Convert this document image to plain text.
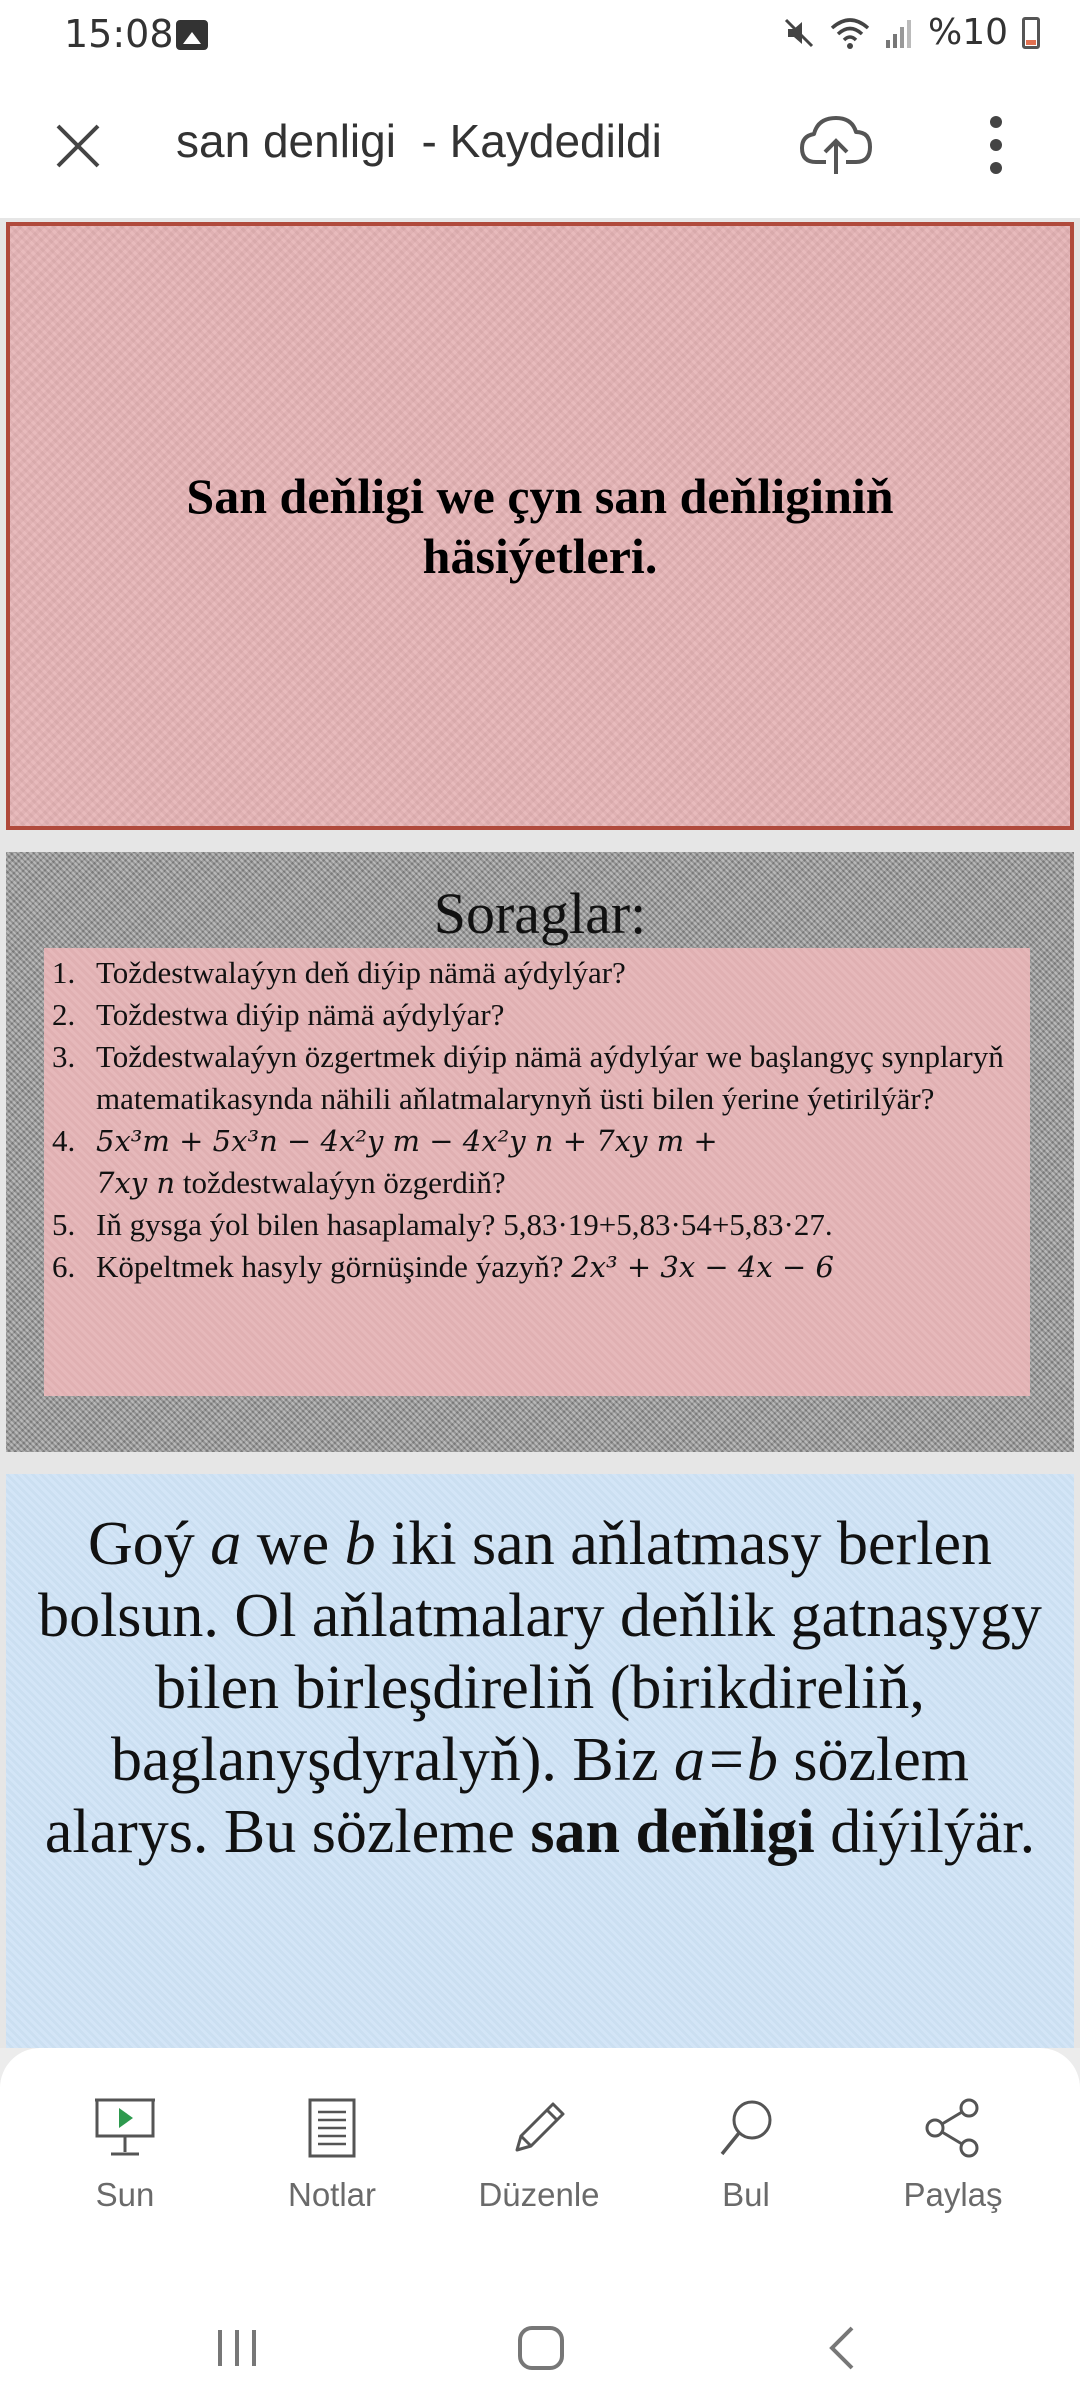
15:08	%10
san denligi  - Kaydedildi
San deňligi we çyn san deňliginiň häsiýetleri.
Soraglar:
1. Toždestwalaýyn deň diýip nämä aýdylýar?
2. Toždestwa diýip nämä aýdylýar?
3. Toždestwalaýyn özgertmek diýip nämä aýdylýar we başlangyç synplaryň matematikasynda nähili aňlatmalarynyň üsti bilen ýerine ýetirilýär?
4. 5x³m + 5x³n − 4x²y m − 4x²y n + 7xy m +
7xy n toždestwalaýyn özgerdiň?
5. Iň gysga ýol bilen hasaplamaly? 5,83·19+5,83·54+5,83·27.
6. Köpeltmek hasyly görnüşinde ýazyň? 2x³ + 3x − 4x − 6
Goý a we b iki san aňlatmasy berlen bolsun. Ol aňlatmalary deňlik gatnaşygy bilen birleşdireliň (birikdireliň, baglanyşdyralyň). Biz a=b sözlem alarys. Bu sözleme san deňligi diýilýär.
Sun	Notlar	Düzenle	Bul	Paylaş
